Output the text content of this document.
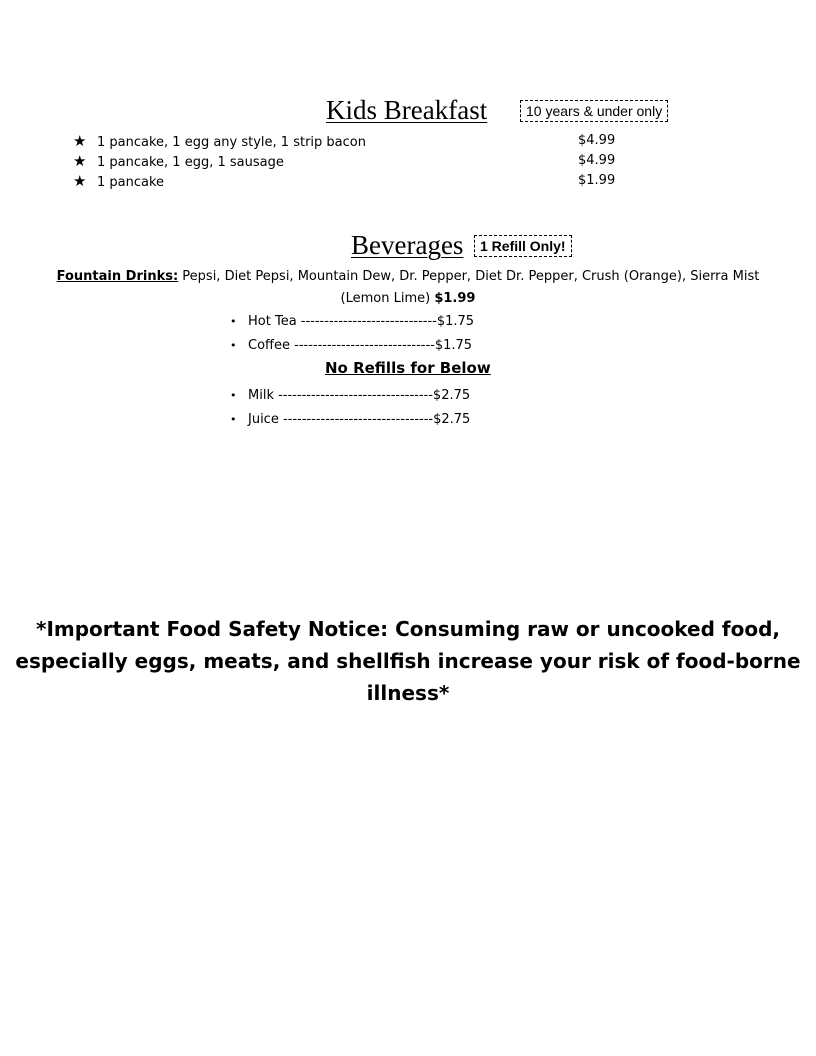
Kids Breakfast	10 years & under only
★ 1 pancake, 1 egg any style, 1 strip bacon	$4.99
★ 1 pancake, 1 egg, 1 sausage	$4.99
★ 1 pancake	$1.99
Beverages	1 Refill Only!
Fountain Drinks: Pepsi, Diet Pepsi, Mountain Dew, Dr. Pepper, Diet Dr. Pepper, Crush (Orange), Sierra Mist
(Lemon Lime) $1.99
• Hot Tea -----------------------------$1.75
• Coffee ------------------------------$1.75
No Refills for Below
• Milk ---------------------------------$2.75
• Juice --------------------------------$2.75
*Important Food Safety Notice: Consuming raw or uncooked food,
especially eggs, meats, and shellfish increase your risk of food-borne
illness*
